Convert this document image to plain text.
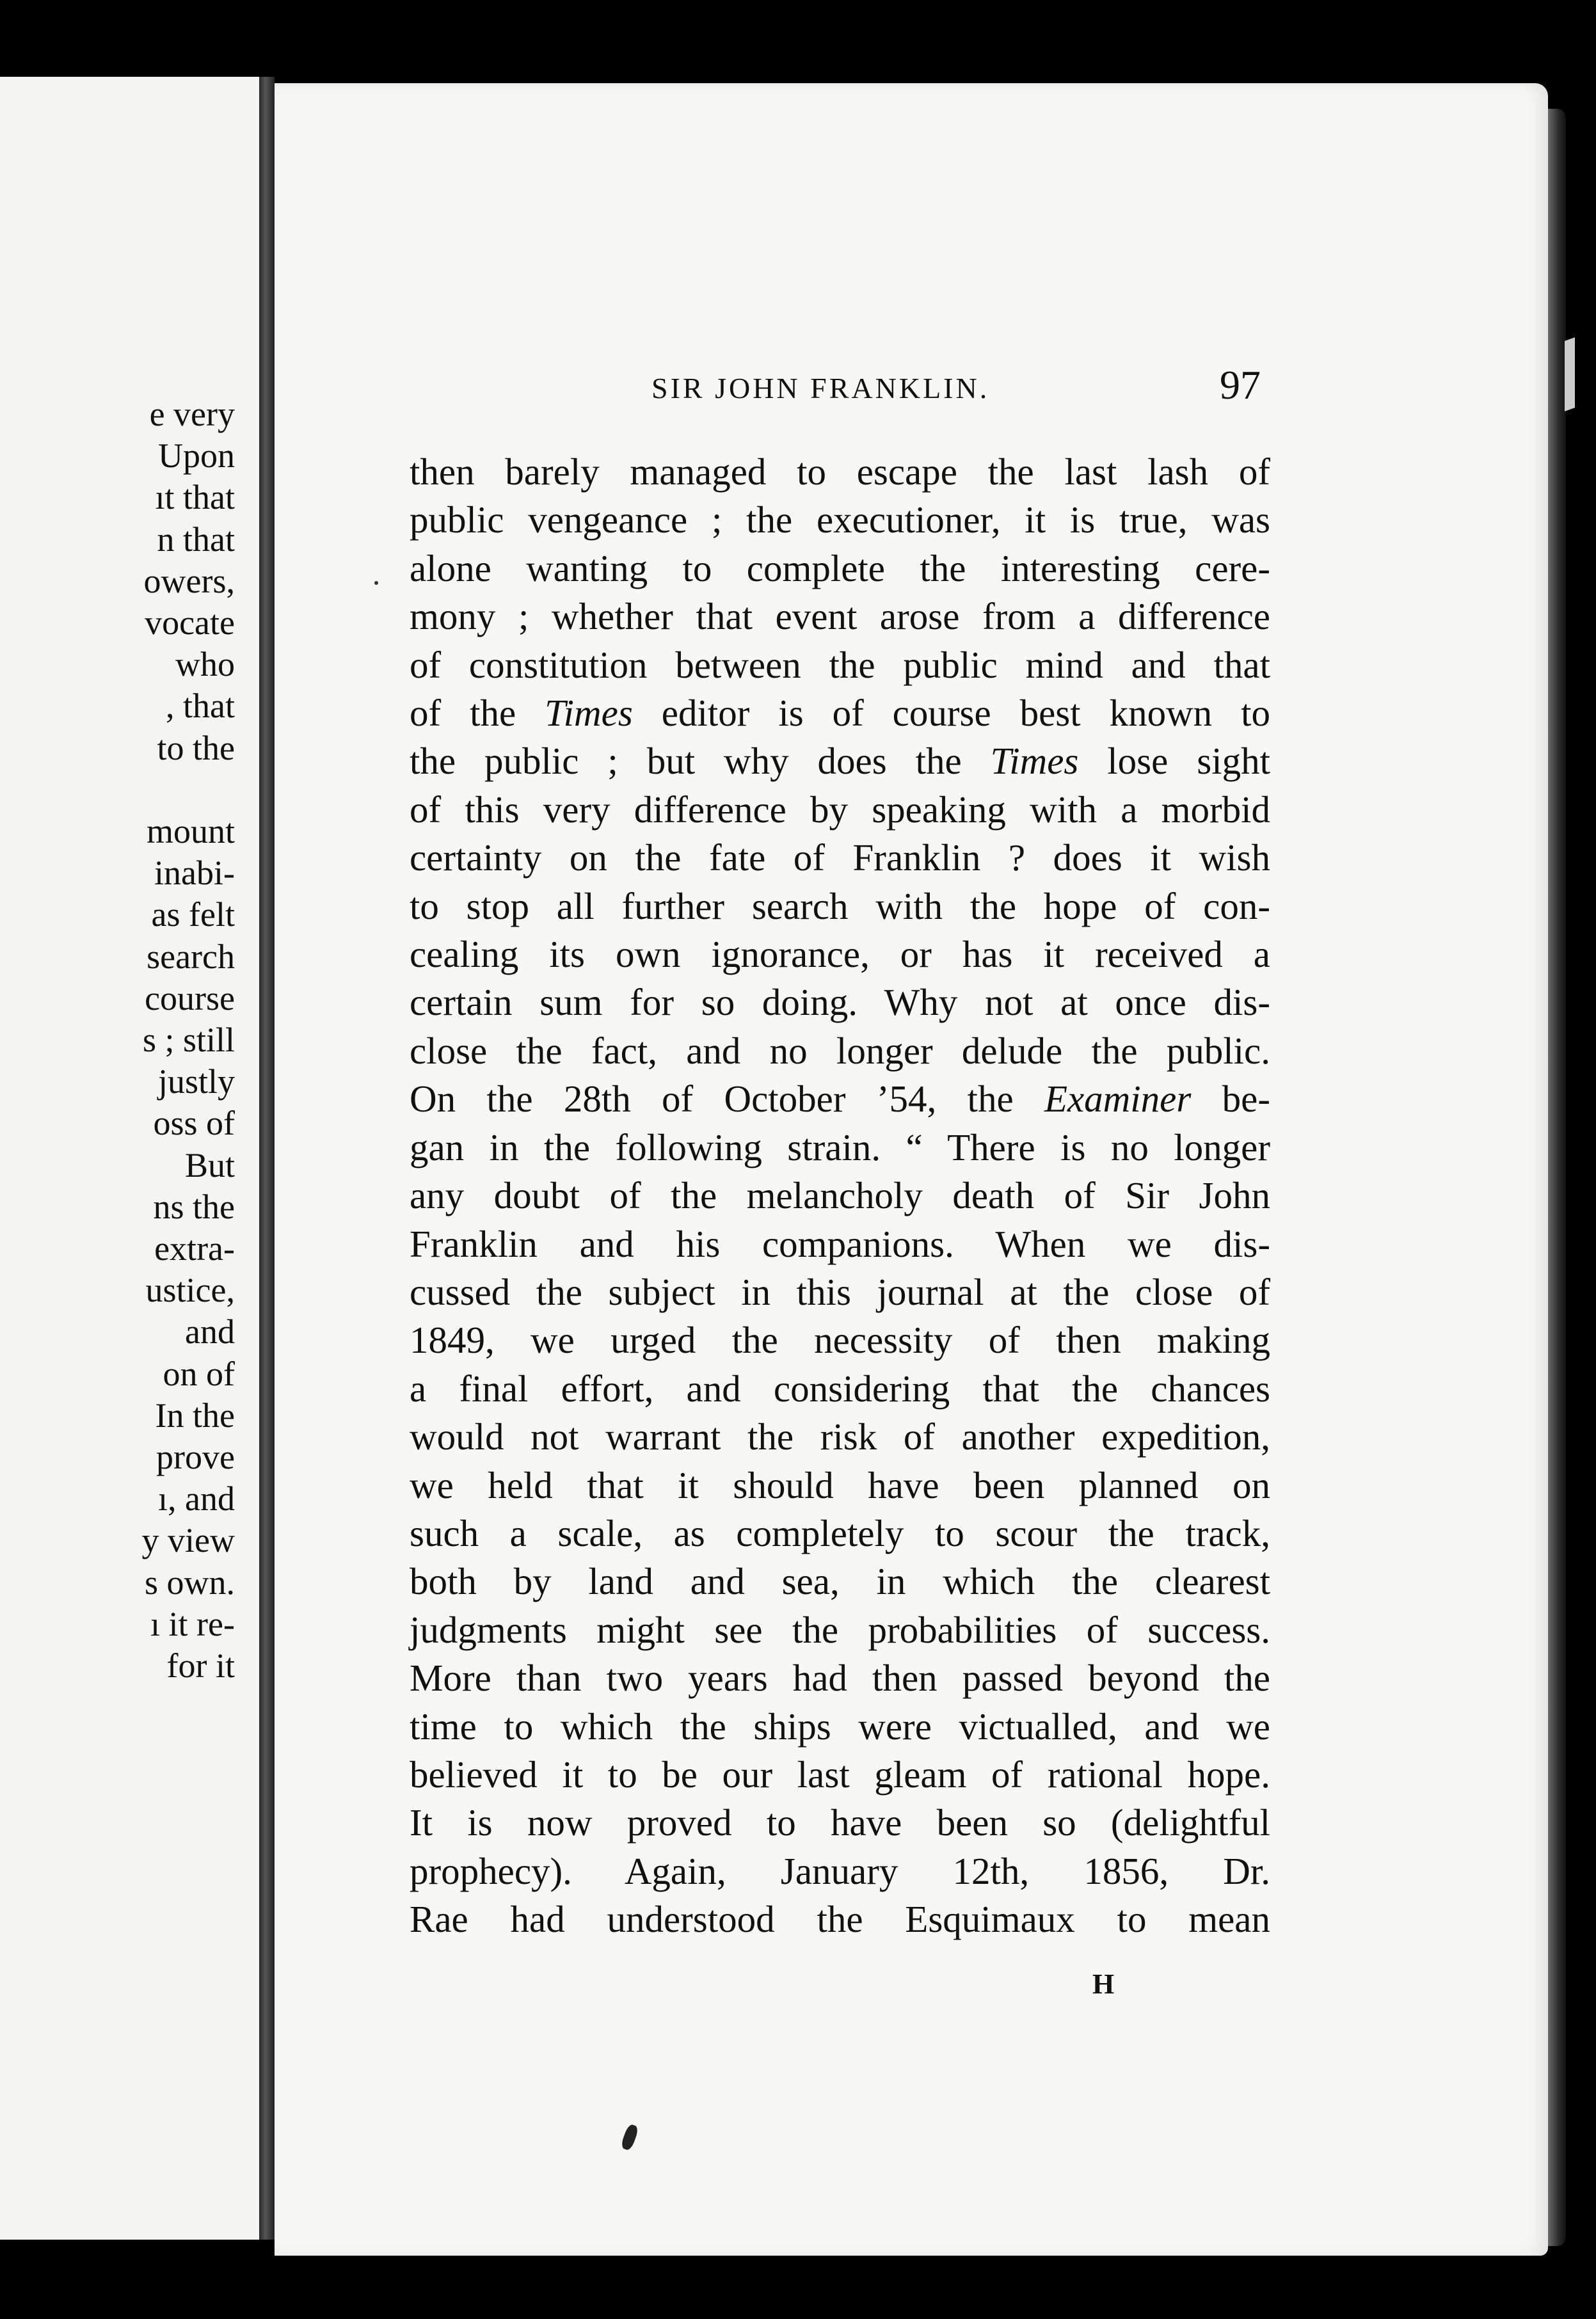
e very
Upon
ıt that
n that
owers,
vocate
who
, that
to the
mount
inabi-
as felt
search
course
s ; still
justly
oss of
But
ns the
extra-
ustice,
and
on of
In the
prove
ı, and
y view
s own.
ı it re-
for it
SIR JOHN FRANKLIN.	97
then barely managed to escape the last lash of
public vengeance ; the executioner, it is true, was
alone wanting to complete the interesting cere-
mony ; whether that event arose from a difference
of constitution between the public mind and that
of the Times editor is of course best known to
the public ; but why does the Times lose sight
of this very difference by speaking with a morbid
certainty on the fate of Franklin ? does it wish
to stop all further search with the hope of con-
cealing its own ignorance, or has it received a
certain sum for so doing. Why not at once dis-
close the fact, and no longer delude the public.
On the 28th of October ’54, the Examiner be-
gan in the following strain. “ There is no longer
any doubt of the melancholy death of Sir John
Franklin and his companions. When we dis-
cussed the subject in this journal at the close of
1849, we urged the necessity of then making
a final effort, and considering that the chances
would not warrant the risk of another expedition,
we held that it should have been planned on
such a scale, as completely to scour the track,
both by land and sea, in which the clearest
judgments might see the probabilities of success.
More than two years had then passed beyond the
time to which the ships were victualled, and we
believed it to be our last gleam of rational hope.
It is now proved to have been so (delightful
prophecy). Again, January 12th, 1856, Dr.
Rae had understood the Esquimaux to mean
H
